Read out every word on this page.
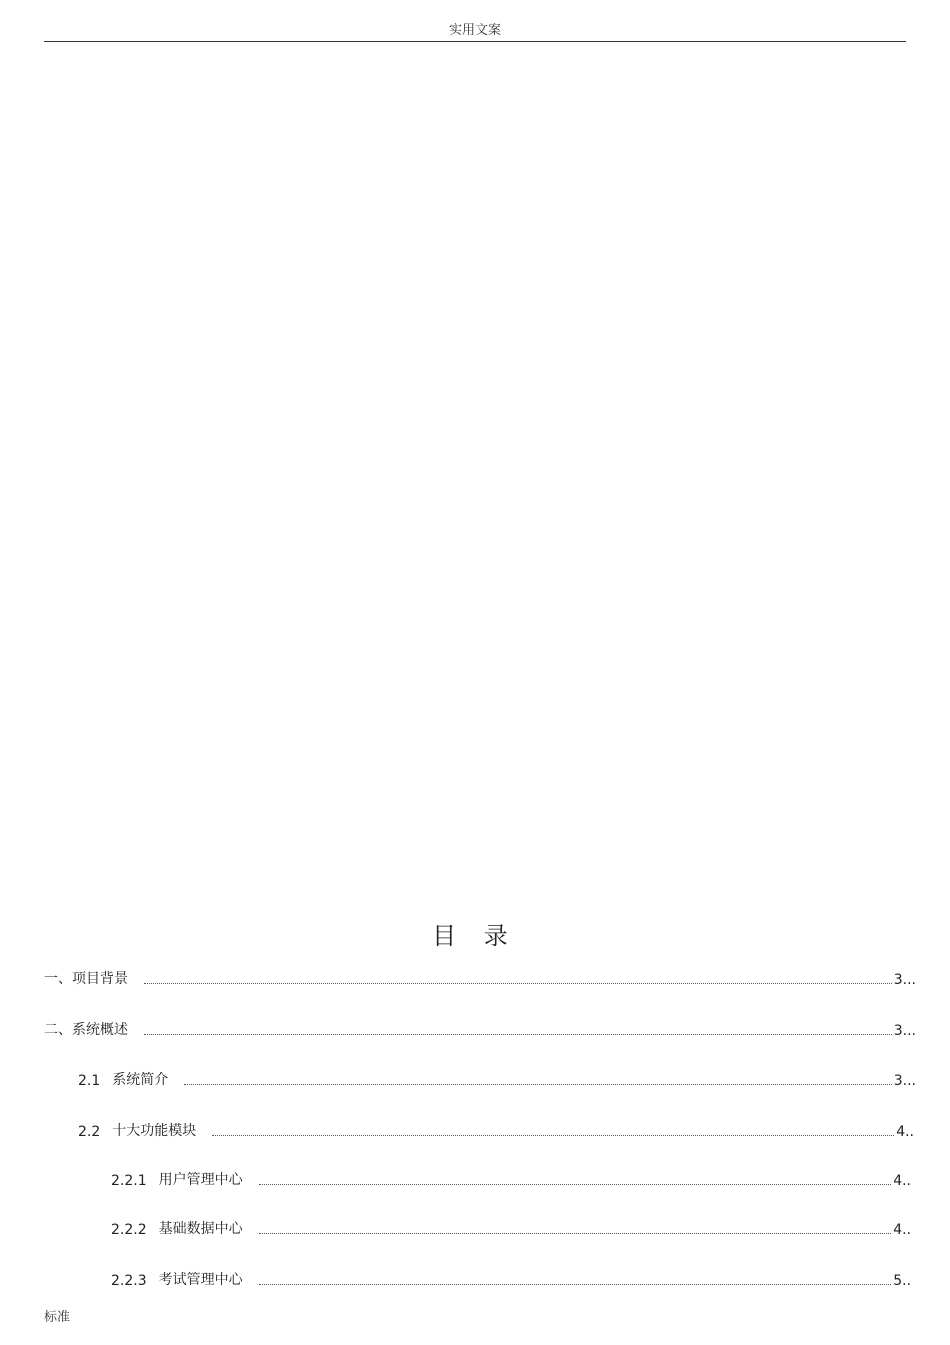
实用文案
目 录
一、 项目背景	3...
二、 系统概述	3...
2.1 系统简介	3...
2.2 十大功能模块	4..
2.2.1 用户管理中心	4..
2.2.2 基础数据中心	4..
2.2.3 考试管理中心	5..
标准
